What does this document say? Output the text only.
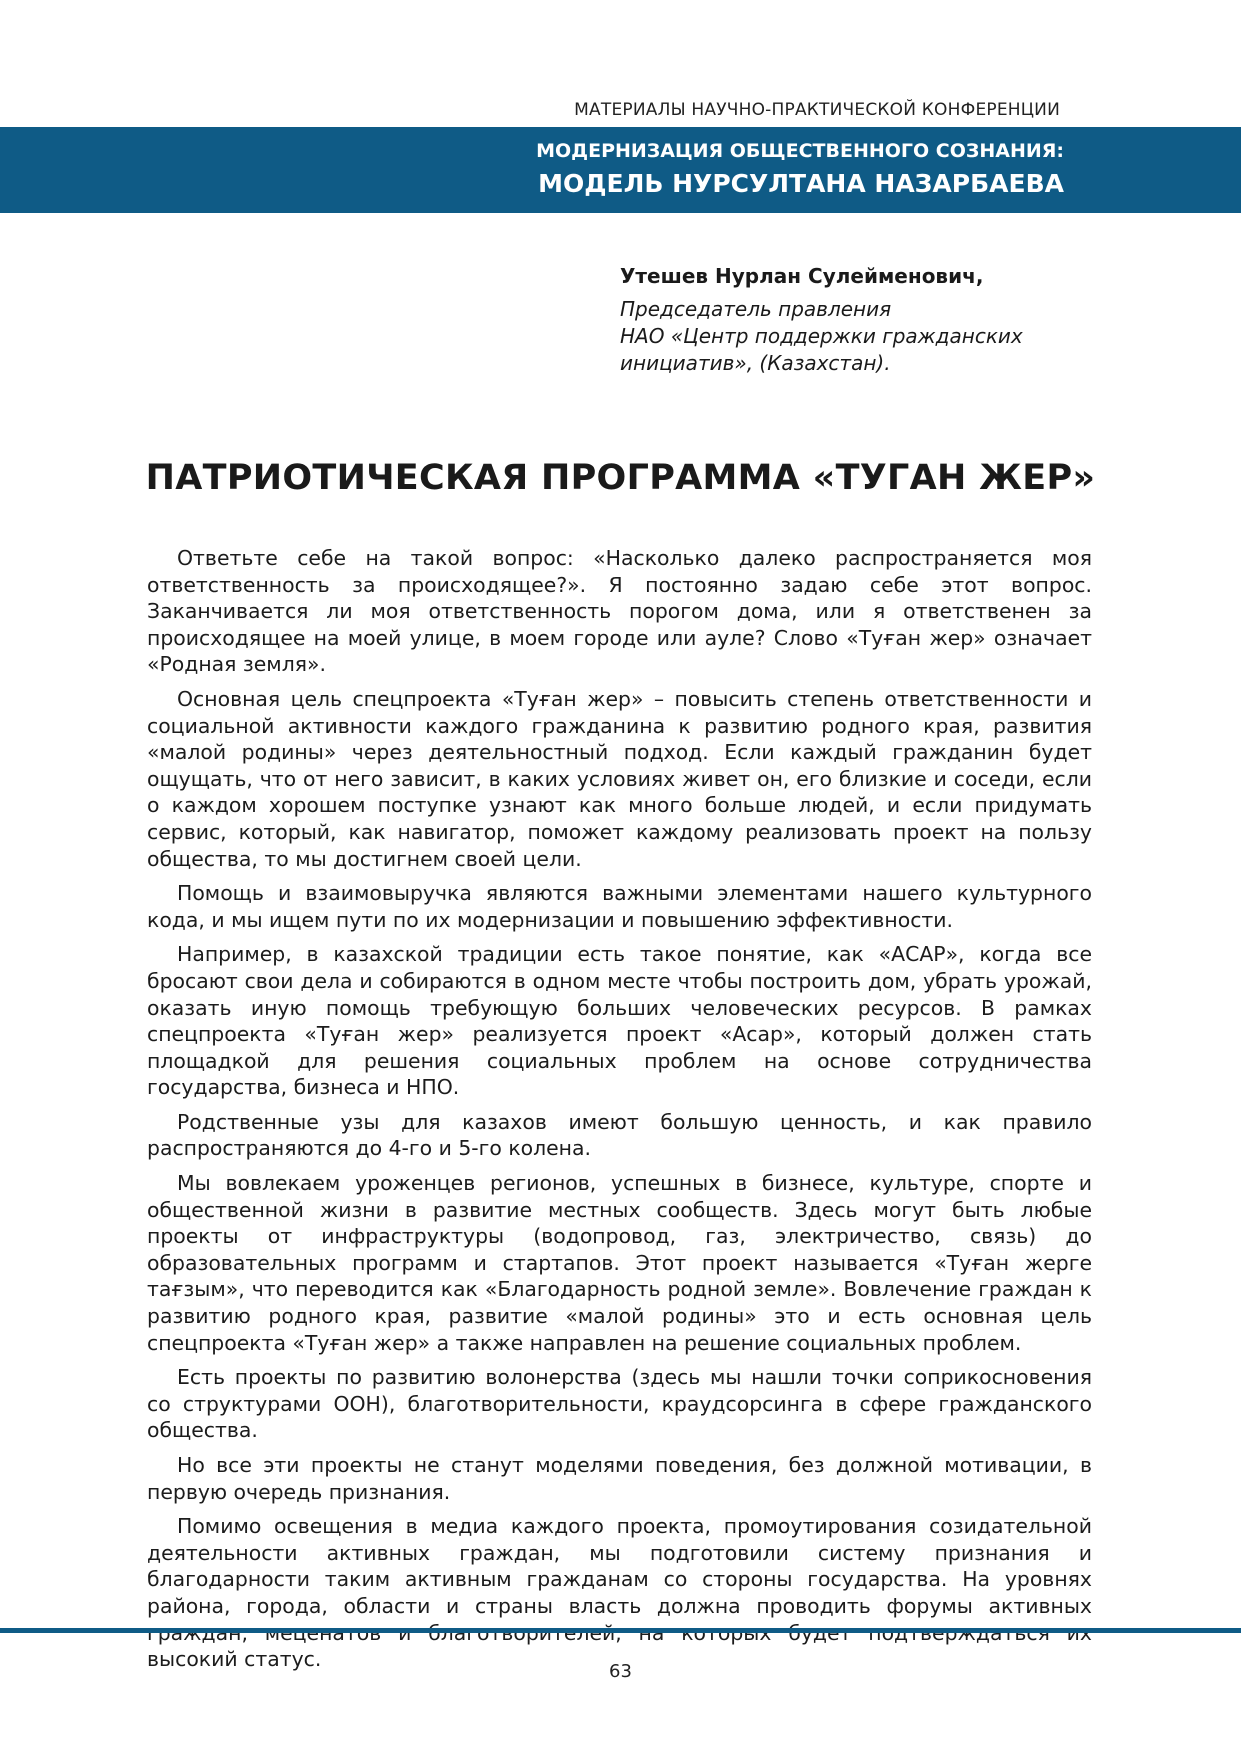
МАТЕРИАЛЫ НАУЧНО-ПРАКТИЧЕСКОЙ КОНФЕРЕНЦИИ
МОДЕРНИЗАЦИЯ ОБЩЕСТВЕННОГО СОЗНАНИЯ:
МОДЕЛЬ НУРСУЛТАНА НАЗАРБАЕВА
Утешев Нурлан Сулейменович,
Председатель правления
НАО «Центр поддержки гражданских
инициатив», (Казахстан).
ПАТРИОТИЧЕСКАЯ ПРОГРАММА «ТУГАН ЖЕР»

Ответьте себе на такой вопрос: «Насколько далеко распространяется моя ответственность за происходящее?». Я постоянно задаю себе этот вопрос. Заканчивается ли моя ответственность порогом дома, или я ответственен за происходящее на моей улице, в моем городе или ауле? Слово «Туған жер» означает «Родная земля».

Основная цель спецпроекта «Туған жер» – повысить степень ответственности и социальной активности каждого гражданина к развитию родного края, развития «малой родины» через деятельностный подход. Если каждый гражданин будет ощущать, что от него зависит, в каких условиях живет он, его близкие и соседи, если о каждом хорошем поступке узнают как много больше людей, и если придумать сервис, который, как навигатор, поможет каждому реализовать проект на пользу общества, то мы достигнем своей цели.

Помощь и взаимовыручка являются важными элементами нашего культурного кода, и мы ищем пути по их модернизации и повышению эффективности.

Например, в казахской традиции есть такое понятие, как «АСАР», когда все бросают свои дела и собираются в одном месте чтобы построить дом, убрать урожай, оказать иную помощь требующую больших человеческих ресурсов. В рамках спецпроекта «Туған жер» реализуется проект «Асар», который должен стать площадкой для решения социальных проблем на основе сотрудничества государства, бизнеса и НПО.

Родственные узы для казахов имеют большую ценность, и как правило распространяются до 4-го и 5-го колена.

Мы вовлекаем уроженцев регионов, успешных в бизнесе, культуре, спорте и общественной жизни в развитие местных сообществ. Здесь могут быть любые проекты от инфраструктуры (водопровод, газ, электричество, связь) до образовательных программ и стартапов. Этот проект называется «Туған жерге тағзым», что переводится как «Благодарность родной земле». Вовлечение граждан к развитию родного края, развитие «малой родины» это и есть основная цель спецпроекта «Туған жер» а также направлен на решение социальных проблем.

Есть проекты по развитию волонерства (здесь мы нашли точки соприкосновения со структурами ООН), благотворительности, краудсорсинга в сфере гражданского общества.

Но все эти проекты не станут моделями поведения, без должной мотивации, в первую очередь признания.

Помимо освещения в медиа каждого проекта, промоутирования созидательной деятельности активных граждан, мы подготовили систему признания и благодарности таким активным гражданам со стороны государства. На уровнях района, города, области и страны власть должна проводить форумы активных высокий статус.

63
